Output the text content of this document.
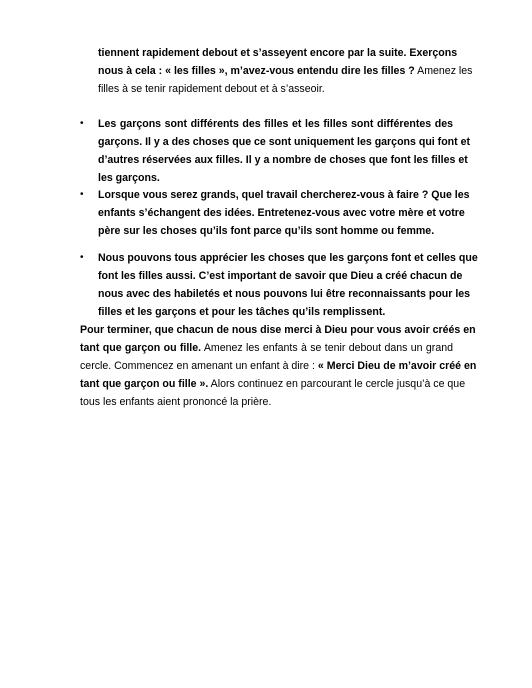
tiennent rapidement debout et s’asseyent encore par la suite. Exerçons
nous à cela : « les filles », m’avez-vous entendu dire les filles ? Amenez les
filles à se tenir rapidement debout et à s’asseoir.
• Les garçons sont différents des filles et les filles sont différentes des
garçons. Il y a des choses que ce sont uniquement les garçons qui font et
d’autres réservées aux filles. Il y a nombre de choses que font les filles et
les garçons.
• Lorsque vous serez grands, quel travail chercherez-vous à faire ? Que les
enfants s’échangent des idées. Entretenez-vous avec votre mère et votre
père sur les choses qu’ils font parce qu’ils sont homme ou femme.
• Nous pouvons tous apprécier les choses que les garçons font et celles que
font les filles aussi. C’est important de savoir que Dieu a créé chacun de
nous avec des habiletés et nous pouvons lui être reconnaissants pour les
filles et les garçons et pour les tâches qu’ils remplissent.
Pour terminer, que chacun de nous dise merci à Dieu pour vous avoir créés en
tant que garçon ou fille. Amenez les enfants à se tenir debout dans un grand
cercle. Commencez en amenant un enfant à dire : « Merci Dieu de m’avoir créé en
tant que garçon ou fille ». Alors continuez en parcourant le cercle jusqu’à ce que
tous les enfants aient prononcé la prière.
